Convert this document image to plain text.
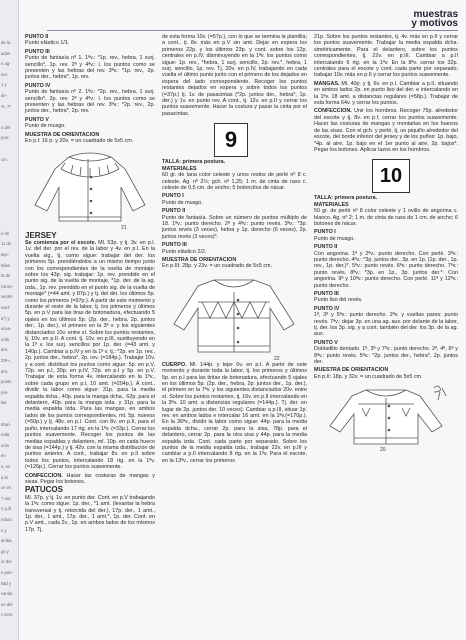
de la
adas
e ag-
ner,
1 y
de-
%, 7º
o del
pun-
cm.
e de
11 de
teje-
telas
ta de
conec-
ventre
uxel-
a°) y
ecua-
urdo
ant.
23ª»,
ant.
punto
(es-
las
rtran-
reda
unto
en
n, en
a la
ce en
7 ant.
n g.ill
ndura
n y
amba
gs y
or del
n pun-
ltad y
cando
en del
c cera
muestras
y motivos

PUNTO II

Punto elástico 1/1.

PUNTO III

Punto de fantasía nº 1. 1ªv.: *1p. rev., hebra, 1 surj. sencillo*, 1p. rev. 2ª y 4ªv.: l. los puntos como se presenten y las hebras del rev. 3ªv.: *1p. rev., 2p. juntos der., hebra*, 1p. rev.

PUNTO IV

Punto de fantasía nº 2. 1ªv.: *2p. rev., hebra, 1 surj. sencillo*, 2p. rev. 2ª y 4ªv.: l. los puntos como se presenten y las hebras del rev. 3ªv.: *2p. rev., 2p. juntos der., hebra*, 2p. rev.

PUNTO V

Punto de musgo.

MUESTRA DE ORIENTACION

En p.l: 16 p. y 20v. = un cuadrado de 5x5 cm.

21

JERSEY

Se comienza por el escote. Ml. 53p. y tj. 3v. en p.l. 1v. del der. por el rev. de la labor y 4v. en p.I. En la vuelta sig., tj. como sigue: trabajar del der. los primeros 5p. prendiéndolos a un mismo tiempo junto con los correspondientes de la vuelta de montaje; sobre los 43p. sig. trabajar: 1p. rev. prendido en el punto sig. de la vuelta de montaje, *1p. der. de la ag. izda., 1p. rev. prendido en el punto sig. de la vuelta de montaje* (=44 amt. y 87p.) y tj. del der. los últimos 5p. como los primeros (=97p.). A partir de este momento y durante el resto de la labor, tj. los primeros y últimos 5p. en p.V para las tiras de botonadura, efectuando 5 ojales en los últimos 5p. (2p. der., hebra, 2p. juntos der., 1p. der.), el primero en la 3ª v. y los siguientes distanciados 10v. entre sí. Sobre los puntos restantes, tj. 10v. en p.II. A cont. tj. 10v. en p.III, sustituyendo en la 1ª v. los surj. sencillos por 1p. der. (=43 amt. y 140p.). Cambiar a p.IV y en la 1ª v. tj.: *2p. en 1p. rev., 2p. juntos der., hebra*, 2p. rev. (=184p.). Trabajar 10v. y a cont. distribuir los puntos como sigue: 5p. en p.V, 72p. en p.I, 30p. en p.IV, 72p. en p.I y 5p. en p.V. Trabajar de esta forma 4v. intercalando en la 1ªv., sobre cada grupo en p.l, 10 amt. (=204p.). A cont., dividir la labor como sigue: 31p. para la media espalda dcha., 40p. para la manga dcha., 62p. para el delantero, 40p. para la manga izda. y 31p. para la media espalda izda. Para las mangas, en ambos lados de los puntos correspondientes, ml. 5p. nuevos (=50p.) y tj. 48v. en p.I. Cont. con 8v. en p.II, para el puño, intercalando 17 rtg. en la 1ªv. (=33p.). Cerrar los puntos suavemente. Recoger los puntos de las medias espaldas y delantero, ml. 10p. en cada hueco de sisa (=144p.) y tj. 42v. con la misma distribución de puntos anterior. A cont., trabajar 8v. en p.II sobre todos los puntos, intercalando 18 rtg. en la 1ªv. (=126p.). Cerrar los puntos suavemente.

CONFECCION. Hacer las costuras de mangas y sisas. Pegar los botones.

PATUCOS

Ml. 37p. y tj. 1v. en punto der. Cont. en p.V trabajando la 1ªv. como sigue: 1p. der., *1 amt. (levantar la hebra transversal y tj. retorcida del der.), 17p. der., 1 amt., 1p. der., 1 amt., 17p. der., 1 amt.*, 1p. der. Cont. en p.V amt., cada 2v., 1p. en ambos lados de los mismos 17p. Tj.

de esta forma 10v. (=57p.), con lo que se termina la plantilla; a cont., tj. 8v. más en p.V sin amt. Dejar en espera los primeros 22p. y los últimos 23p. y cont. sobre los 12p. centrales en p.IV, disminuyendo en la 1ªv. los puntos como sigue: 1p. rev., *hebra, 1 surj. sencillo, 2p. rev.*, hebra, 1 surj. sencillo, 1p. rev. Tj. 20v. en p.IV, trabajando en cada vuelta el último punto junto con el primero de los dejados en espera del lado correspondiente. Recoger los puntos restantes dejados en espera y sobre todos los puntos (=37p.) tj. 1v. de pasacintas (*2p. juntos der., hebra*, 1p. der.) y 1v. en punto rev. A cont., tj. 12v. en p.II y cerrar los puntos suavemente. Hacer la costura y pasar la cinta por el pasacintas.

9

TALLA: primera postura.

MATERIALES

60 gr. de lana color celeste y unos restos de perlé nº 8 c. celeste. Ag. nº 2½; gch. nº 1,25; 1 m. de cinta de raso c. celeste de 0,5 cm. de ancho; 5 botoncitos de nácar.

PUNTO I

Punto de musgo.

PUNTO II

Punto de fantasía. Sobre un número de puntos múltiplo de 18. 1ªv.: punto derecho. 2ª y 4ªv.: punto revés. 3ªv.: *3p. juntos revés (3 veces), hebra y 1p. derecho (6 veces), 2p. juntos revés (3 veces)*.

PUNTO III

Punto elástico 2/2.

MUESTRA DE ORIENTACION

En p.III: 28p. y 23v. = un cuadrado de 5x5 cm.

22

CUERPO. Ml. 144p. y tejer 6v. en p.I. A partir de este momento y durante toda la labor, tj. los primeros y últimos 5p. en p.I para las tiritas de botonadura, efectuando 5 ojales en los últimos 5p. (2p. der., hebra, 2p. juntos der., 1p. der.), el primero en la 7ªv. y los siguientes distanciados 20v. entre sí. Sobre los puntos restantes, tj. 16v. en p.II intercalando en la 3ªv. 10 amt. a distancias regulares (=144p.). Tj. der. en lugar de 2p. juntos der. 10 veces). Cambiar a p.III, situar 1p. rev. en ambos lados e intercalar 16 amt. en la 1ªv.(=170p.). En la 36ªv., dividir la labor como sigue: 44p. para la media espalda dcha., cerrar 2p. para la sisa, 78p. para el delantero, cerrar 2p. para la otra sisa y 44p. para la media espalda izda. Cont. cada parte por separado. Sobre los puntos de la media espalda izda., trabajar 22v. en p.III y cambiar a p.II intercalando 8 rtg. en la 1ªv. Para el escote, en la 13ªv., cerrar los primeros

21p. Sobre los puntos restantes, tj. 4v. más en p.II y cerrar los puntos suavemente. Trabajar la media espalda dcha. simétricamente. Para el delantero, sobre los puntos correspondientes, tj. 22v. en p.III. Cambiar a p.II intercalando 6 rtg. en la 1ªv. En la 8ªv. cerrar los 32p. centrales para el escote y cont. cada parte por separado; trabajar 10v. más en p.II y cerrar los puntos suavemente.

MANGAS. Ml. 40p. y tj. 6v. en p.I. Cambiar a p.II, situando en ambos lados 2p. en punto liso del der. e intercalando en la 1ªv. 18 amt. a distancias regulares (=58p.). Trabajar de esta forma 64v. y cerrar los puntos.

CONFECCION. Unir los hombros. Recoger 75p. alrededor del escote y tj. 8v. en p.I; cerrar los puntos suavemente. Hacer las costuras de mangas y montarlas en los huecos de las sisas. Con el gch. y perlé, tj. un piquillo alrededor del escote, del borde inferior del jersey y de los puños: 1p. bajo, *4p. al aire, 1p. bajo en el 1er punto al aire, 2p. bajos*. Pegar los botones. Aplicar lazos en los hombros.

10

TALLA: primera postura.

MATERIALES

50 gr. de perlé nº 8 color celeste y 1 ovillo de angorina c. blanco. Ag. nº 2; 1 m. de cinta de raso de 1 cm. de ancho; 6 botones de nácar.

PUNTO I

Punto de musgo.

PUNTO II

Con angorina. 1ª y 2ªv.: punto derecho. Con perlé. 3ªv.: punto derecho. 4ªv.: *3p. juntos der., 3p. en 1p. (1p. der., 1p. rev., 1p. der.)*. 5ªv.: punto revés. 6ªv.: punto derecho. 7ªv.: punto revés. 8ªv.: *3p. en 1p., 3p. juntos der.*. Con angorina. 9ª y 10ªv.: punto derecho. Con perlé. 11ª y 12ªv.: punto derecho.

PUNTO III

Punto liso del revés.

PUNTO IV

1ª, 3ª y 5ªv.: punto derecho. 2ªv. y vueltas pares: punto revés. 7ªv.: dejar 3p. en una ag. aux. por delante de la labor, tj. der. los 3p. sig. y a cont. también del der. los 3p. de la ag. aux.

PUNTO V

Dobladillo dentado. 1ª, 3ª y 7ªv.: punto derecho. 2ª, 4ª, 6ª y 8ªv.: punto revés. 5ªv.: *2p. juntos der., hebra*, 2p. juntos der.

MUESTRA DE ORIENTACION

En p.II: 18p. y 32v. = un cuadrado de 5x5 cm.

20
